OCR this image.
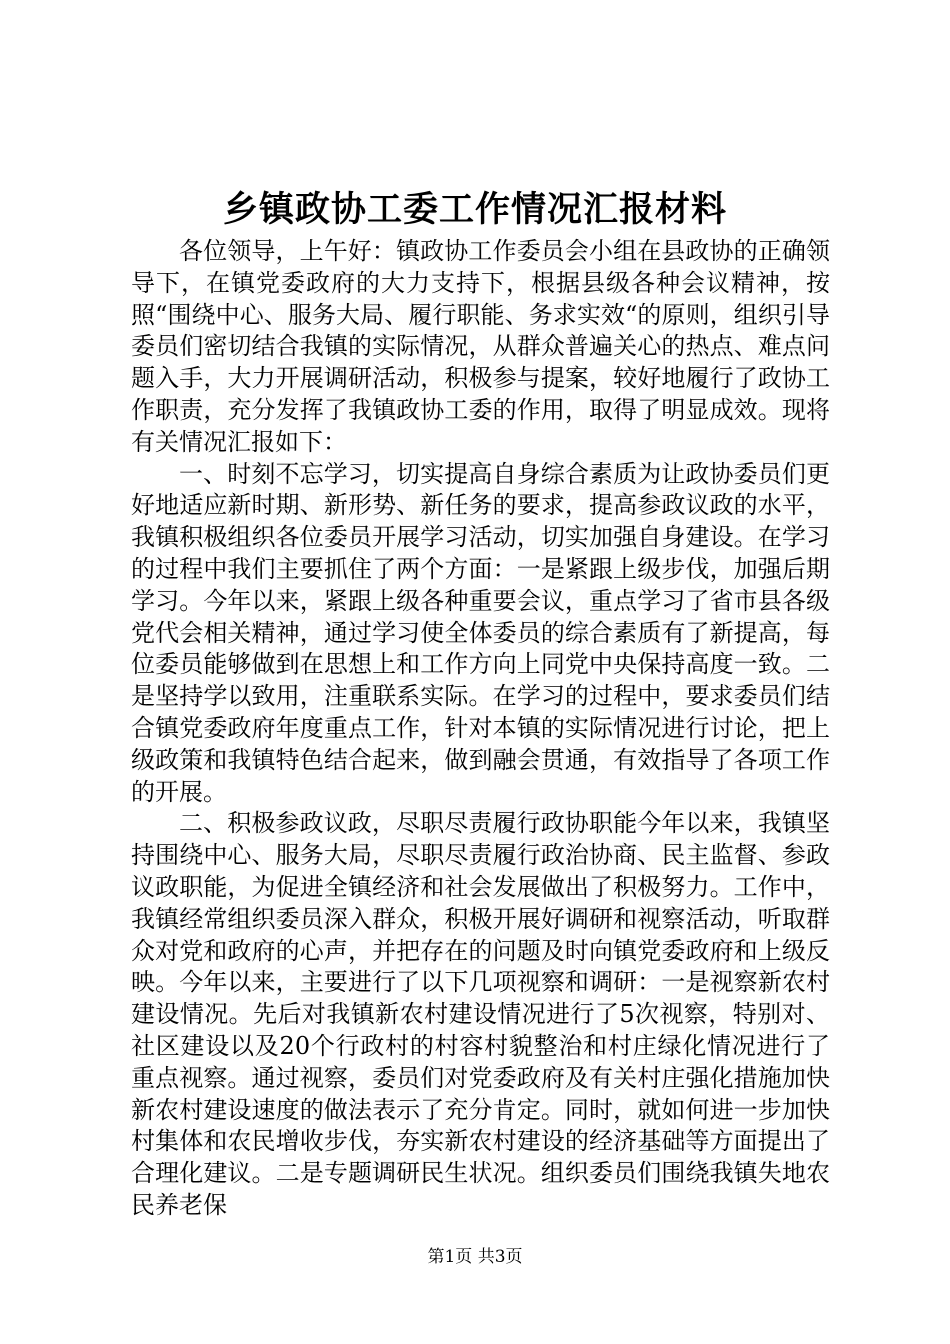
乡镇政协工委工作情况汇报材料

各位领导，上午好：镇政协工作委员会小组在县政协的正确领导下，在镇党委政府的大力支持下，根据县级各种会议精神，按照“围绕中心、服务大局、履行职能、务求实效“的原则，组织引导委员们密切结合我镇的实际情况，从群众普遍关心的热点、难点问题入手，大力开展调研活动，积极参与提案，较好地履行了政协工作职责，充分发挥了我镇政协工委的作用，取得了明显成效。现将有关情况汇报如下：

一、时刻不忘学习，切实提高自身综合素质为让政协委员们更好地适应新时期、新形势、新任务的要求，提高参政议政的水平，我镇积极组织各位委员开展学习活动，切实加强自身建设。在学习的过程中我们主要抓住了两个方面：一是紧跟上级步伐，加强后期学习。今年以来，紧跟上级各种重要会议，重点学习了省市县各级党代会相关精神，通过学习使全体委员的综合素质有了新提高，每位委员能够做到在思想上和工作方向上同党中央保持高度一致。二是坚持学以致用，注重联系实际。在学习的过程中，要求委员们结合镇党委政府年度重点工作，针对本镇的实际情况进行讨论，把上级政策和我镇特色结合起来，做到融会贯通，有效指导了各项工作的开展。

二、积极参政议政，尽职尽责履行政协职能今年以来，我镇坚持围绕中心、服务大局，尽职尽责履行政治协商、民主监督、参政议政职能，为促进全镇经济和社会发展做出了积极努力。工作中，我镇经常组织委员深入群众，积极开展好调研和视察活动，听取群众对党和政府的心声，并把存在的问题及时向镇党委政府和上级反映。今年以来，主要进行了以下几项视察和调研：一是视察新农村建设情况。先后对我镇新农村建设情况进行了5次视察，特别对、社区建设以及20个行政村的村容村貌整治和村庄绿化情况进行了重点视察。通过视察，委员们对党委政府及有关村庄强化措施加快新农村建设速度的做法表示了充分肯定。同时，就如何进一步加快村集体和农民增收步伐，夯实新农村建设的经济基础等方面提出了合理化建议。二是专题调研民生状况。组织委员们围绕我镇失地农民养老保

第1页 共3页
